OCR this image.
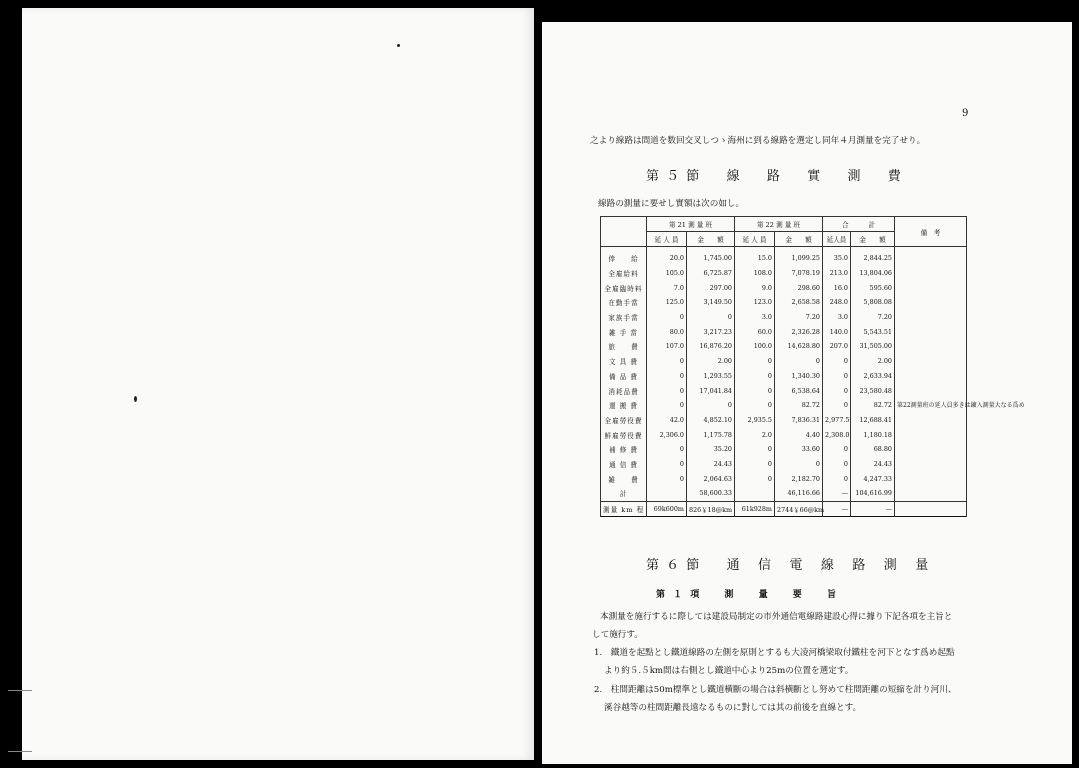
9
之より線路は間道を数回交叉しつゝ海州に到る線路を選定し同年４月測量を完了せり。
第５節　線　路　實　測　費
線路の測量に要せし實額は次の如し。
	第 21 測 量 班		第 22 測 量 班		合　　　計		備　考
	延 人 員	金　　額	延 人 員	金　　額	延人員	金　　額	

俸　　給	20.0	1,745.00	15.0	1,099.25	35.0	2,844.25	第22測量班の延人員多きは鑛入測量大なる爲め

全雇給料	105.0	6,725.87	108.0	7,078.19	213.0	13,804.06	
全雇臨時料	7.0	297.00	9.0	298.60	16.0	595.60	
在勤手當	125.0	3,149.50	123.0	2,658.58	248.0	5,808.08	
家族手當	0	0	3.0	7.20	3.0	7.20	
雑 手 當	80.0	3,217.23	60.0	2,326.28	140.0	5,543.51	
旅　　費	107.0	16,876.20	100.0	14,628.80	207.0	31,505.00	
文 具 費	0	2.00	0	0	0	2.00	
備 品 費	0	1,293.55	0	1,340.30	0	2,633.94	
消耗品費	0	17,041.84	0	6,538.64	0	23,580.48	
運 搬 費	0	0	0	82.72	0	82.72	
全雇勞役費	42.0	4,852.10	2,935.5	7,836.31	2,977.5	12,688.41	
鮮雇勞役費	2,306.0	1,175.78	2.0	4.40	2,308.0	1,180.18	
補 修 費	0	35.20	0	33.60	0	68.80	
通 信 費	0	24.43	0	0	0	24.43	
雑　　費	0	2,064.63	0	2,182.70	0	4,247.33	
計		58,600.33		46,116.66	—	104,616.99	
測量 km 程	69k600m	826￥18@km	61k928m	2744￥66@km	—	—	
第６節　通 信 電 線 路 測 量
第１項　測　量　要　旨
本測量を施行するに際しては建設局制定の市外通信電線路建設心得に據り下記各項を主旨と
して施行す。
1.　鐵道を起點とし鐵道線路の左側を原則とするも大凌河橋梁取付鐵柱を河下となす爲め起點
より約５.５km間は右側とし鐵道中心より25mの位置を選定す。
2.　柱間距離は50m標準とし鐵道横斷の場合は斜横斷とし努めて柱間距離の短縮を計り河川、
溪谷越等の柱間距離長遠なるものに對しては其の前後を直線とす。
